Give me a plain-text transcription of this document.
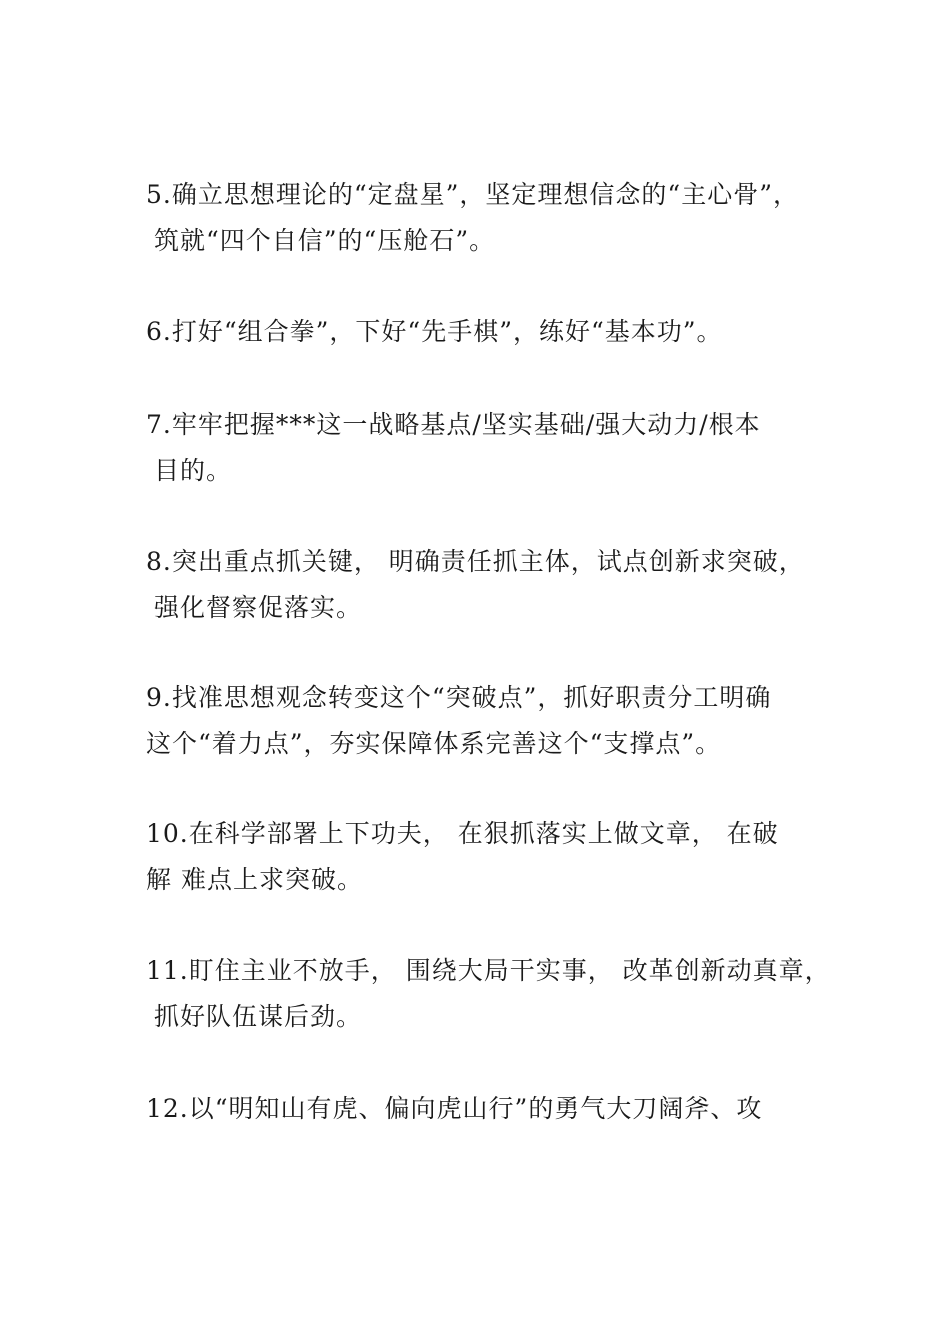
5.确立思想理论的“定盘星”，坚定理想信念的“主心骨”，
筑就“四个自信”的“压舱石”。
6.打好“组合拳”，下好“先手棋”，练好“基本功”。
7.牢牢把握***这一战略基点/坚实基础/强大动力/根本
目的。
8.突出重点抓关键， 明确责任抓主体，试点创新求突破，
强化督察促落实。
9.找准思想观念转变这个“突破点”，抓好职责分工明确
这个“着力点”，夯实保障体系完善这个“支撑点”。
10.在科学部署上下功夫， 在狠抓落实上做文章， 在破
解 难点上求突破。
11.盯住主业不放手， 围绕大局干实事， 改革创新动真章，
抓好队伍谋后劲。
12.以“明知山有虎、偏向虎山行”的勇气大刀阔斧、攻
